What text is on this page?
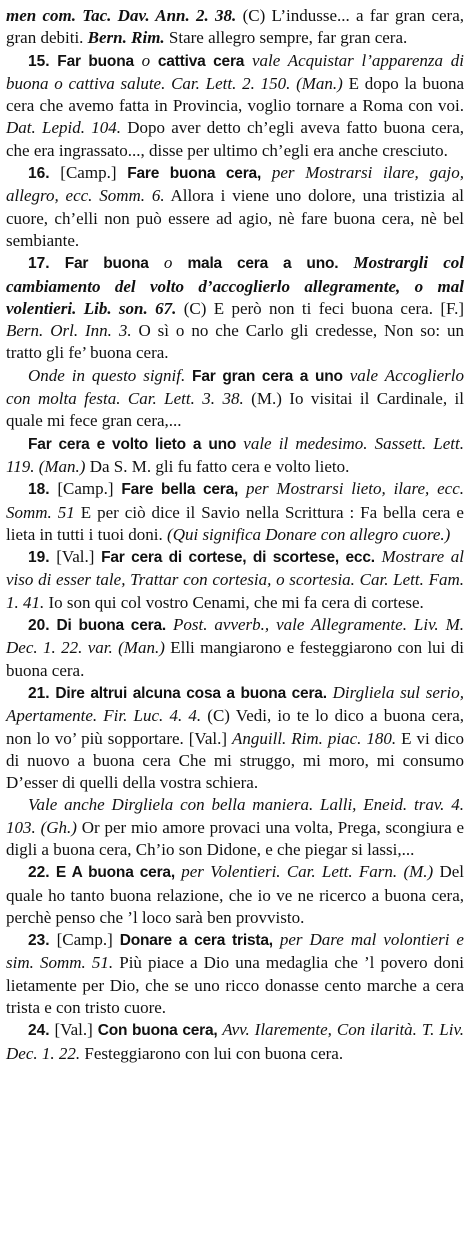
men com. Tac. Dav. Ann. 2. 38. (C) L’indusse... a far gran cera, gran debiti. Bern. Rim. Stare allegro sempre, far gran cera.

15. Far buona o cattiva cera vale Acquistar l’apparenza di buona o cattiva salute. Car. Lett. 2. 150. (Man.) E dopo la buona cera che avemo fatta in Provincia, voglio tornare a Roma con voi. Dat. Lepid. 104. Dopo aver detto ch’egli aveva fatto buona cera, che era ingrassato..., disse per ultimo ch’egli era anche cresciuto.

16. [Camp.] Fare buona cera, per Mostrarsi ilare, gajo, allegro, ecc. Somm. 6. Allora i viene uno dolore, una tristizia al cuore, ch’elli non può essere ad agio, nè fare buona cera, nè bel sembiante.

17. Far buona o mala cera a uno. Mostrargli col cambiamento del volto d’accoglierlo allegramente, o mal volentieri. Lib. son. 67. (C) E però non ti feci buona cera. [F.] Bern. Orl. Inn. 3. O sì o no che Carlo gli credesse, Non so: un tratto gli fe’ buona cera.

Onde in questo signif. Far gran cera a uno vale Accoglierlo con molta festa. Car. Lett. 3. 38. (M.) Io visitai il Cardinale, il quale mi fece gran cera,...

Far cera e volto lieto a uno vale il medesimo. Sassett. Lett. 119. (Man.) Da S. M. gli fu fatto cera e volto lieto.

18. [Camp.] Fare bella cera, per Mostrarsi lieto, ilare, ecc. Somm. 51 E per ciò dice il Savio nella Scrittura : Fa bella cera e lieta in tutti i tuoi doni. (Qui significa Donare con allegro cuore.)

19. [Val.] Far cera di cortese, di scortese, ecc. Mostrare al viso di esser tale, Trattar con cortesia, o scortesia. Car. Lett. Fam. 1. 41. Io son qui col vostro Cenami, che mi fa cera di cortese.

20. Di buona cera. Post. avverb., vale Allegramente. Liv. M. Dec. 1. 22. var. (Man.) Elli mangiarono e festeggiarono con lui di buona cera.

21. Dire altrui alcuna cosa a buona cera. Dirgliela sul serio, Apertamente. Fir. Luc. 4. 4. (C) Vedi, io te lo dico a buona cera, non lo vo’ più sopportare. [Val.] Anguill. Rim. piac. 180. E vi dico di nuovo a buona cera Che mi struggo, mi moro, mi consumo D’esser di quelli della vostra schiera.

Vale anche Dirgliela con bella maniera. Lalli, Eneid. trav. 4. 103. (Gh.) Or per mio amore provaci una volta, Prega, scongiura e digli a buona cera, Ch’io son Didone, e che piegar si lassi,...

22. E A buona cera, per Volentieri. Car. Lett. Farn. (M.) Del quale ho tanto buona relazione, che io ve ne ricerco a buona cera, perchè penso che ’l loco sarà ben provvisto.

23. [Camp.] Donare a cera trista, per Dare mal volontieri e sim. Somm. 51. Più piace a Dio una medaglia che ’l povero doni lietamente per Dio, che se uno ricco donasse cento marche a cera trista e con tristo cuore.

24. [Val.] Con buona cera, Avv. Ilaremente, Con ilarità. T. Liv. Dec. 1. 22. Festeggiarono con lui con buona cera.
